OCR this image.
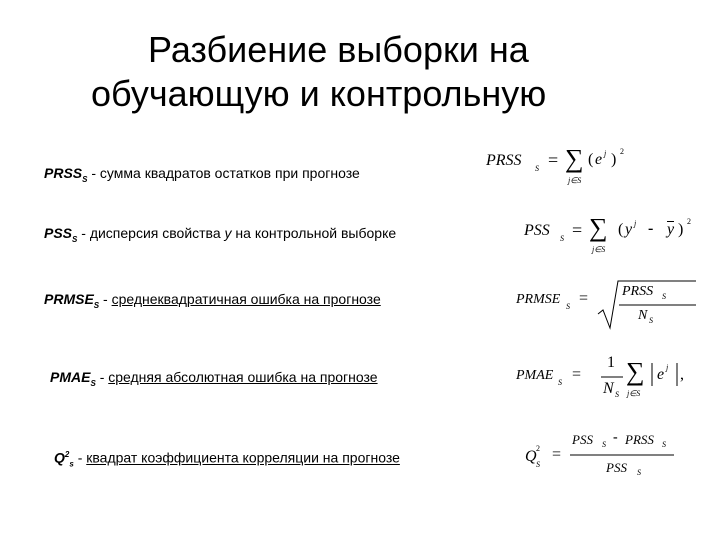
Разбиение выборки на
обучающую и контрольную
$PRSS_S$ - сумма квадратов остатков при прогнозе
$PSS_S$ - дисперсия свойства y на контрольной выборке
$PRMSE_S$ - среднеквадратичная ошибка на прогнозе
$PMAE_S$ - средняя абсолютная ошибка на прогнозе
$Q^2_s$ - квадрат коэффициента корреляции на прогнозе
PRSS S = ∑
j∈S
( e j ) 2
PSS S = ∑
j∈S
( y j - y ) 2
PRMSE S = PRSS S
N S
PMAE S =
1
N S
∑
j∈S
e j ,
Q 2
S
=
PSS S - PRSS S
PSS S
